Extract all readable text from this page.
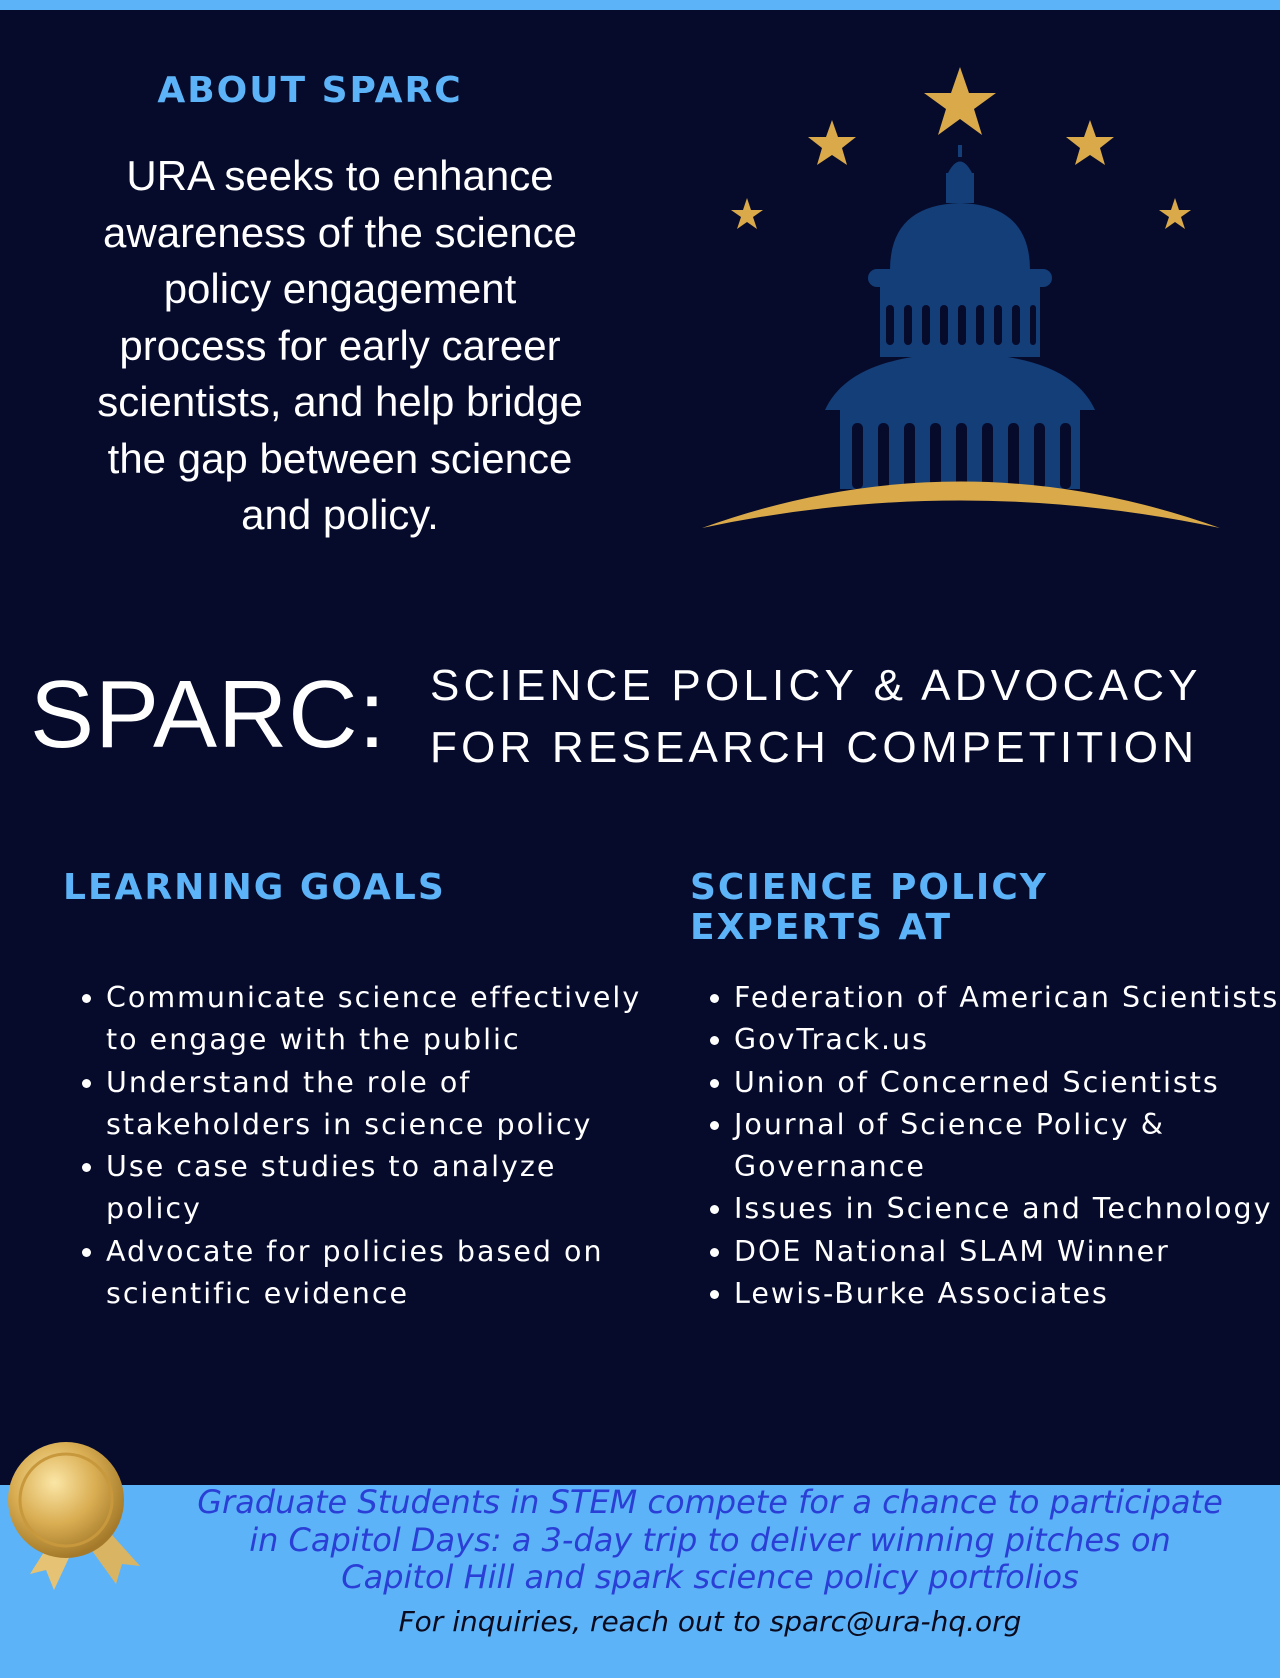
ABOUT SPARC
URA seeks to enhance
awareness of the science
policy engagement
process for early career
scientists, and help bridge
the gap between science
and policy.
SPARC: SCIENCE POLICY & ADVOCACY
FOR RESEARCH COMPETITION
LEARNING GOALS
• Communicate science effectively to engage with the public
• Understand the role of stakeholders in science policy
• Use case studies to analyze policy
• Advocate for policies based on scientific evidence
SCIENCE POLICY
EXPERTS AT
• Federation of American Scientists
• GovTrack.us
• Union of Concerned Scientists
• Journal of Science Policy & Governance
• Issues in Science and Technology
• DOE National SLAM Winner
• Lewis-Burke Associates
Graduate Students in STEM compete for a chance to participate
in Capitol Days: a 3-day trip to deliver winning pitches on
Capitol Hill and spark science policy portfolios
For inquiries, reach out to sparc@ura-hq.org
